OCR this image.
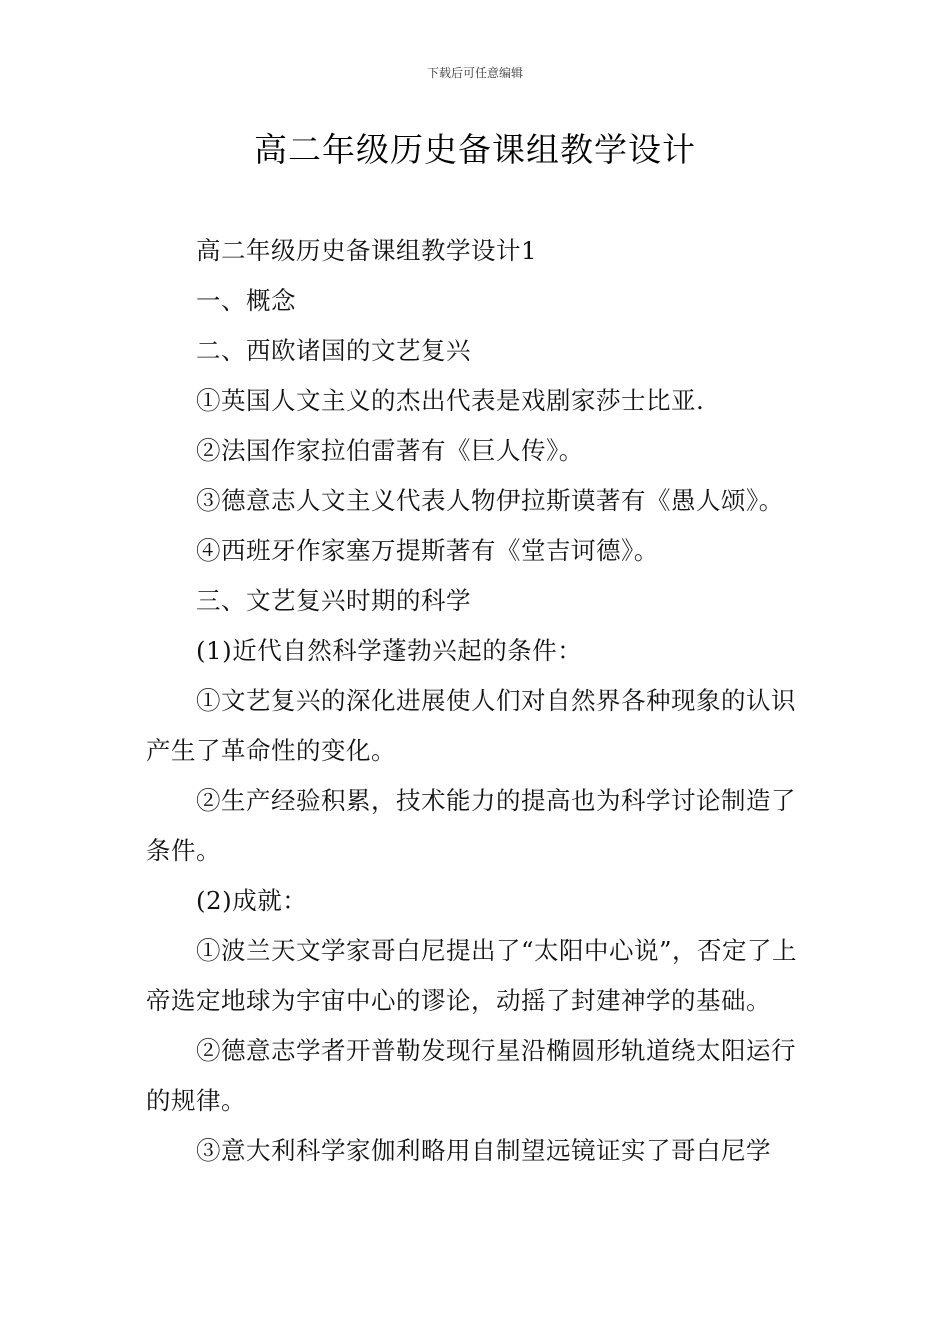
下载后可任意编辑
高二年级历史备课组教学设计

高二年级历史备课组教学设计1

一、概念

二、西欧诸国的文艺复兴

①英国人文主义的杰出代表是戏剧家莎士比亚.

②法国作家拉伯雷著有《巨人传》。

③德意志人文主义代表人物伊拉斯谟著有《愚人颂》。

④西班牙作家塞万提斯著有《堂吉诃德》。

三、文艺复兴时期的科学

(1)近代自然科学蓬勃兴起的条件：

①文艺复兴的深化进展使人们对自然界各种现象的认识产生了革命性的变化。

②生产经验积累，技术能力的提高也为科学讨论制造了条件。

(2)成就：

①波兰天文学家哥白尼提出了“太阳中心说”，否定了上帝选定地球为宇宙中心的谬论，动摇了封建神学的基础。

②德意志学者开普勒发现行星沿椭圆形轨道绕太阳运行的规律。

③意大利科学家伽利略用自制望远镜证实了哥白尼学
